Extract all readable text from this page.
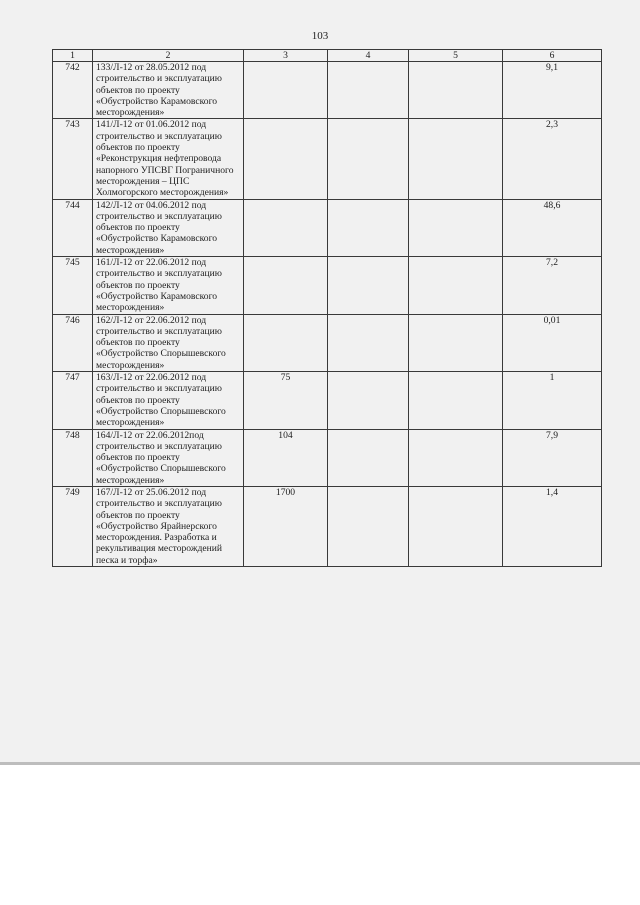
103
1	2	3	4	5	6
742	133/Л-12 от 28.05.2012 под строительство и эксплуатацию объектов по проекту «Обустройство Карамовского месторождения»				9,1
743	141/Л-12 от 01.06.2012 под строительство и эксплуатацию объектов по проекту «Реконструкция нефтепровода напорного УПСВГ Пограничного месторождения – ЦПС Холмогорского месторождения»				2,3
744	142/Л-12 от 04.06.2012 под строительство и эксплуатацию объектов по проекту «Обустройство Карамовского месторождения»				48,6
745	161/Л-12 от 22.06.2012 под строительство и эксплуатацию объектов по проекту «Обустройство Карамовского месторождения»				7,2
746	162/Л-12 от 22.06.2012 под строительство и эксплуатацию объектов по проекту «Обустройство Спорышевского месторождения»				0,01
747	163/Л-12 от 22.06.2012 под строительство и эксплуатацию объектов по проекту «Обустройство Спорышевского месторождения»	75			1
748	164/Л-12 от 22.06.2012под строительство и эксплуатацию объектов по проекту «Обустройство Спорышевского месторождения»	104			7,9
749	167/Л-12 от 25.06.2012 под строительство и эксплуатацию объектов по проекту «Обустройство Ярайнерского месторождения. Разработка и рекультивация месторождений песка и торфа»	1700			1,4
